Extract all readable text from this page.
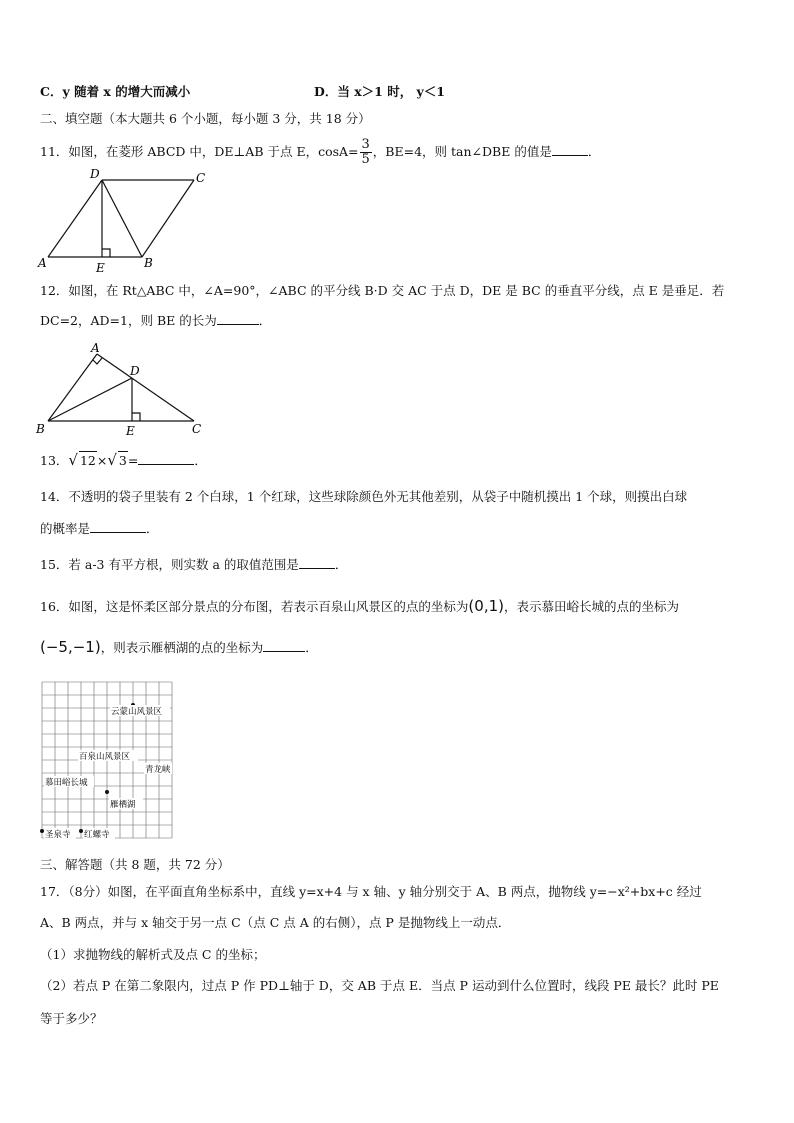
C．y 随着 x 的增大而减小	D．当 x＞1 时， y＜1
二、填空题（本大题共 6 个小题，每小题 3 分，共 18 分）
11．如图，在菱形 ABCD 中，DE⊥AB 于点 E，$\cos A= \frac{3}{5}$ ，BE=4，则 tan∠DBE 的值是	．
A
D	C
E	B
12．如图，在 Rt△ABC 中，∠A=90°，∠ABC 的平分线 B·D 交 AC 于点 D，DE 是 BC 的垂直平分线，点 E 是垂足．若
DC=2，AD=1，则 BE 的长为	．
A
D
B	E	C
13．√ 12×√ 3=	．
14．不透明的袋子里装有 2 个白球，1 个红球，这些球除颜色外无其他差别，从袋子中随机摸出 1 个球，则摸出白球
的概率是	．
15．若 a-3 有平方根，则实数 a 的取值范围是	．
16．如图，这是怀柔区部分景点的分布图，若表示百泉山风景区的点的坐标为(0,1)，表示慕田峪长城的点的坐标为
(−5,−1)，则表示雁栖湖的点的坐标为	．
云蒙山风景区
百泉山风景区
青龙峡
慕田峪长城
雁栖湖
圣泉寺 红螺寺
三、解答题（共 8 题，共 72 分）
17．（8分）如图，在平面直角坐标系中，直线 y=x+4 与 x 轴、y 轴分别交于 A、B 两点，抛物线 y=−x²+bx+c 经过
A、B 两点，并与 x 轴交于另一点 C（点 C 点 A 的右侧），点 P 是抛物线上一动点．
（1）求抛物线的解析式及点 C 的坐标；
（2）若点 P 在第二象限内，过点 P 作 PD⊥轴于 D，交 AB 于点 E．当点 P 运动到什么位置时，线段 PE 最长？此时 PE
等于多少？
